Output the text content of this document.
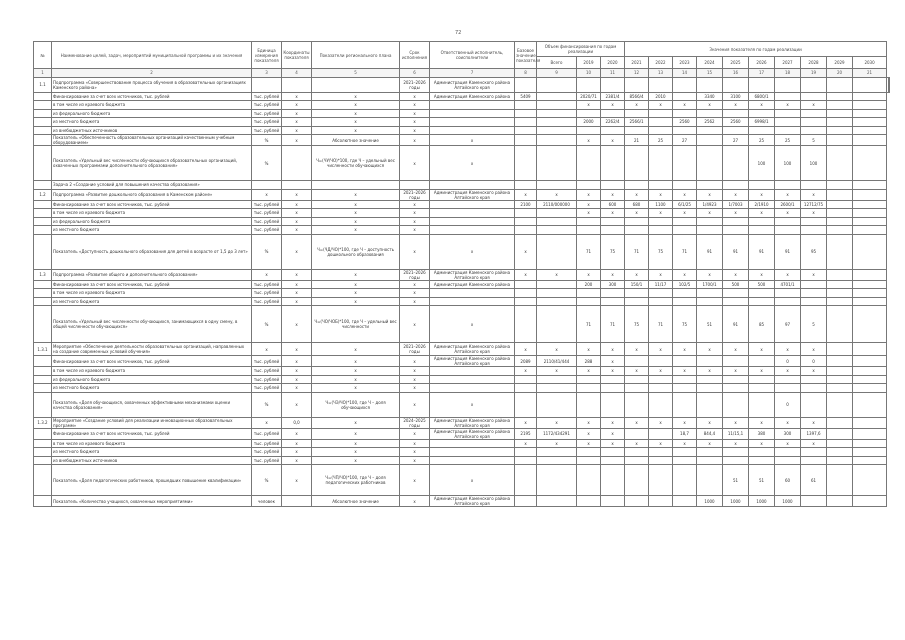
72
№	Наименование целей, задач, мероприятий муниципальной программы и их значения	Единица измерения показателя	Координаты показателя	Показатели регионального плана	Срок исполнения	Ответственный исполнитель, соисполнители	Базовое значение показателя	Объем финансирования по годам реализации			Значения показателя по годам реализации											
								Всего	2019	2020	2021	2022	2023	2024	2025	2026	2027	2028	2029	2030		
1	2	3	4	5	6	7	8	9	10	11	12	13	14	15	16	17	18	19	20	21		
1.1	Подпрограмма «Совершенствование процесса обучения в образовательных организациях Каменского района»				2021–2026 годы	Администрация Каменского района Алтайского края																
	Финансирование за счет всех источников, тыс. рублей	тыс. рублей	х	х	х	Администрация Каменского района	5409		2020/71	2381/4	8566/4	2010		3340	3100	6800/1						
	в том числе из краевого бюджета	тыс. рублей	х	х	х				х	х	х	х	х	х	х	х	х	х				
	из федерального бюджета	тыс. рублей	х	х	х																	
	из местного бюджета	тыс. рублей	х	х	х				2000	2262/4	2566/1		2560	2562	2560	6998/1						
	из внебюджетных источников	тыс. рублей	х	х	х																	
	Показатель «Обеспеченность образовательных организаций качественным учебным оборудованием»	%	х	Абсолютное значение	х	х			х	х	21	25	27		27	25	25	5				
	Показатель «Удельный вес численности обучающихся образовательных организаций, охваченных программами дополнительного образования»	%		Ч=(ЧУ/ЧО)*100, где Ч – удельный вес численности обучающихся	х	х										100	100	100				
	Задача 2 «Создание условий для повышения качества образования»																					
1.2	Подпрограмма «Развитие дошкольного образования в Каменском районе»	х	х	х	2021–2026 годы	Администрация Каменского района Алтайского края	х	х	х	х	х	х	х	х	х	х	х	х				
	Финансирование за счет всех источников, тыс. рублей	тыс. рублей	х	х	х		2100	2110/000000	х	600	680	1100	6/1/25	1/4923	1/7003	2/1910	2600/1	12712/75				
	в том числе из краевого бюджета	тыс. рублей	х	х	х				х	х	х	х	х	х	х	х	х	х				
	из федерального бюджета	тыс. рублей	х	х	х																	
	из местного бюджета	тыс. рублей	х	х	х																	
	Показатель «Доступность дошкольного образования для детей в возрасте от 1,5 до 3 лет»	%	х	Ч=(ЧД/ЧО)*100, где Ч – доступность дошкольного образования	х	х	х		71	75	71	75	71	91	91	91	91	95				
1.3	Подпрограмма «Развитие общего и дополнительного образования»	х	х	х	2021–2026 годы	Администрация Каменского района Алтайского края	х	х	х	х	х	х	х	х	х	х	х	х				
	Финансирование за счет всех источников, тыс. рублей	тыс. рублей	х	х	х	Администрация Каменского района			200	300	150/1	11/17	102/5	1700/1	500	500	4701/1					
	в том числе из краевого бюджета	тыс. рублей	х	х	х																	
	из местного бюджета	тыс. рублей	х	х	х																	
	Показатель «Удельный вес численности обучающихся, занимающихся в одну смену, в общей численности обучающихся»	%	х	Ч=(ЧО/ЧОБ)*100, где Ч – удельный вес численности	х	х			71	71	75	71	75	51	91	85	97	5				
1.3.1	Мероприятие «Обеспечение деятельности образовательных организаций, направленных на создание современных условий обучения»	х	х	х	2021–2026 годы	Администрация Каменского района Алтайского края	х	х	х	х	х	х	х	х	х	х	х	х				
	Финансирование за счет всех источников, тыс. рублей	тыс. рублей	х	х	х	Администрация Каменского района Алтайского края	2089	2110/41/444	288	х							0	0				
	в том числе из краевого бюджета	тыс. рублей	х	х	х		х	х	х	х	х	х	х	х	х	х	х	х				
	из федерального бюджета	тыс. рублей	х	х	х																	
	из местного бюджета	тыс. рублей	х	х	х																	
	Показатель «Доля обучающихся, охваченных эффективными механизмами оценки качества образования»	%	х	Ч=(ЧЭ/ЧО)*100, где Ч – доля обучающихся	х	х											0					
1.3.2	Мероприятие «Создание условий для реализации инновационных образовательных программ»	х	0,0	х	2024–2025 годы	Администрация Каменского района Алтайского края	х	х	х	х	х	х	х	х	х	х	х	х				
	Финансирование за счет всех источников, тыс. рублей	тыс. рублей	х	х	х	Администрация Каменского района Алтайского края	2195	1172/434291	х	х			18,7	844,4	11/15,1	380	300	1397,6				
	в том числе из краевого бюджета	тыс. рублей	х	х	х		х	х	х	х	х	х	х	х	х	х	х	х				
	из местного бюджета	тыс. рублей	х	х	х																	
	из внебюджетных источников	тыс. рублей	х	х	х																	
	Показатель «Доля педагогических работников, прошедших повышение квалификации»	%	х	Ч=(ЧП/ЧО)*100, где Ч – доля педагогических работников	х	х									51	51	60	61				
	Показатель «Количество учащихся, охваченных мероприятиями»	человек		Абсолютное значение	х	Администрация Каменского района Алтайского края								1000	1000	1000	1000					
